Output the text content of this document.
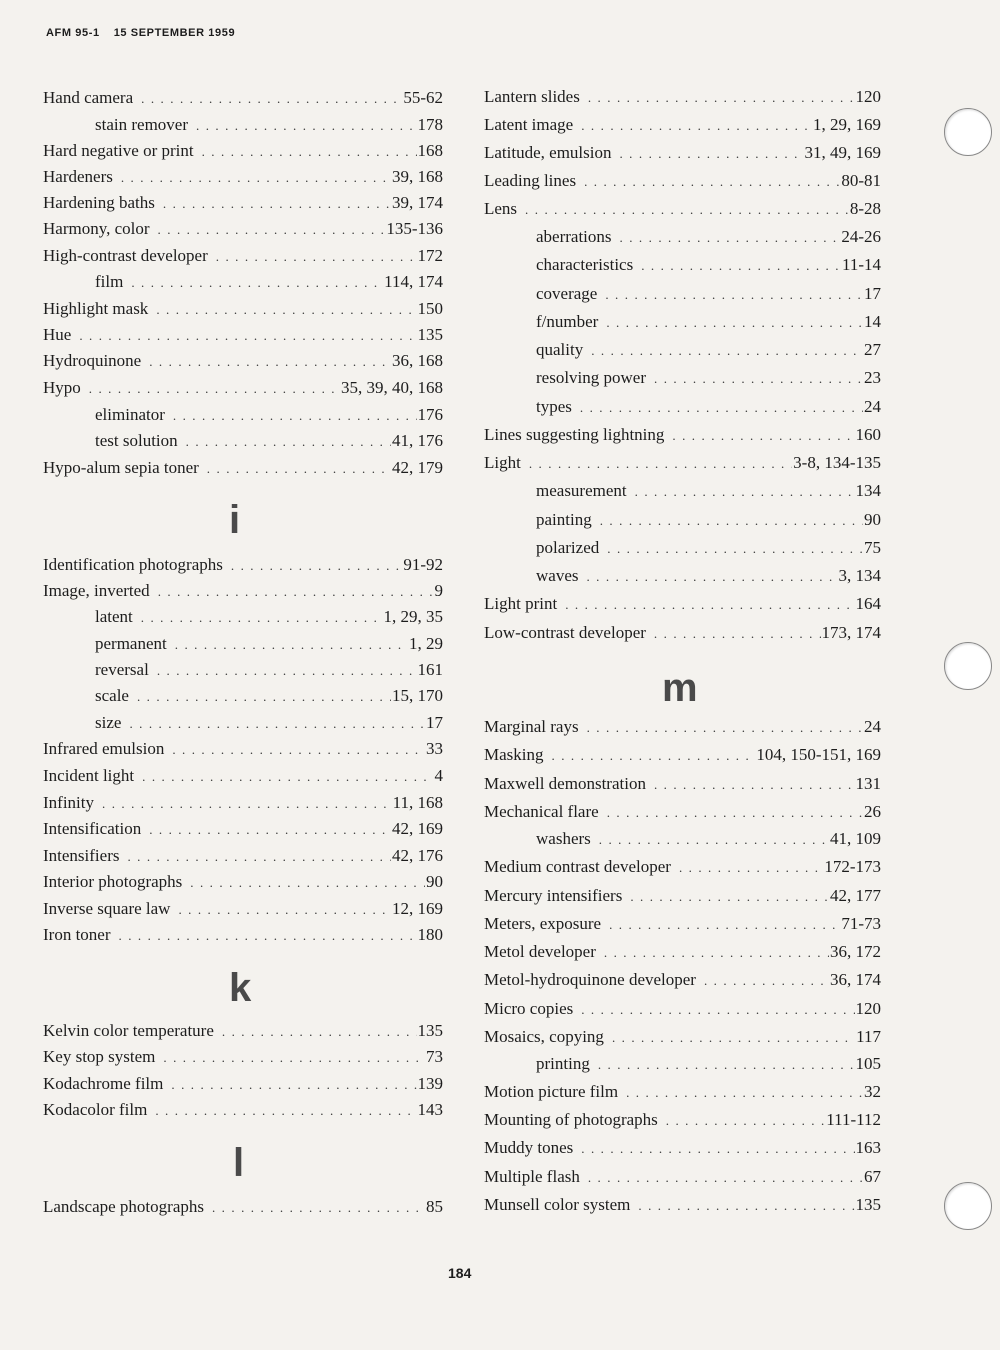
AFM 95-1 15 SEPTEMBER 1959
Hand camera . . .	55-62
stain remover . . .	178
Hard negative or print . . .	168
Hardeners . . .	39, 168
Hardening baths . . .	39, 174
Harmony, color . . .	135-136
High-contrast developer . . .	172
film . . .	114, 174
Highlight mask . . .	150
Hue . . .	135
Hydroquinone . . .	36, 168
Hypo . . .	35, 39, 40, 168
eliminator . . .	176
test solution . . .	41, 176
Hypo-alum sepia toner . . .	42, 179
i
Identification photographs . . .	91-92
Image, inverted . . .	9
latent . . .	1, 29, 35
permanent . . .	1, 29
reversal . . .	161
scale . . .	15, 170
size . . .	17
Infrared emulsion . . .	33
Incident light . . .	4
Infinity . . .	11, 168
Intensification . . .	42, 169
Intensifiers . . .	42, 176
Interior photographs . . .	90
Inverse square law . . .	12, 169
Iron toner . . .	180
k
Kelvin color temperature . . .	135
Key stop system . . .	73
Kodachrome film . . .	139
Kodacolor film . . .	143
l
Landscape photographs . . .	85
Lantern slides . . .	120
Latent image . . .	1, 29, 169
Latitude, emulsion . . .	31, 49, 169
Leading lines . . .	80-81
Lens . . .	8-28
aberrations . . .	24-26
characteristics . . .	11-14
coverage . . .	17
f/number . . .	14
quality . . .	27
resolving power . . .	23
types . . .	24
Lines suggesting lightning . . .	160
Light . . .	3-8, 134-135
measurement . . .	134
painting . . .	90
polarized . . .	75
waves . . .	3, 134
Light print . . .	164
Low-contrast developer . . .	173, 174
m
Marginal rays . . .	24
Masking . . .	104, 150-151, 169
Maxwell demonstration . . .	131
Mechanical flare . . .	26
washers . . .	41, 109
Medium contrast developer . . .	172-173
Mercury intensifiers . . .	42, 177
Meters, exposure . . .	71-73
Metol developer . . .	36, 172
Metol-hydroquinone developer . . .	36, 174
Micro copies . . .	120
Mosaics, copying . . .	117
printing . . .	105
Motion picture film . . .	32
Mounting of photographs . . .	111-112
Muddy tones . . .	163
Multiple flash . . .	67
Munsell color system . . .	135
184
